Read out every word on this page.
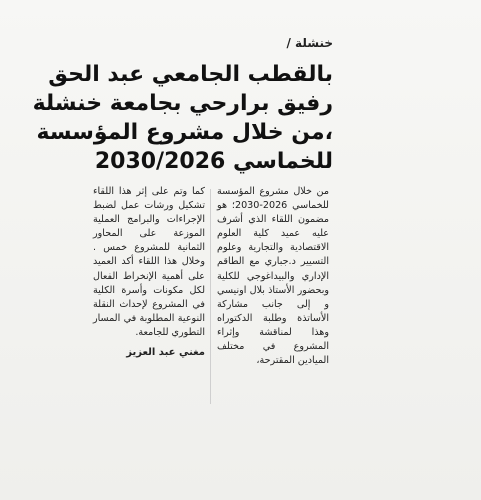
خنشلة /
بالقطب الجامعي عبد الحق
رفيق برارحي بجامعة خنشلة
،من خلال مشروع المؤسسة
للخماسي 2030/2026

من خلال مشروع المؤسسة للخماسي 2026-2030؛ هو مضمون اللقاء الذي أشرف عليه عميد كلية العلوم الاقتصادية والتجارية وعلوم التسيير د.جباري مع الطاقم الإداري والبيداغوجي للكلية وبحضور الأستاذ بلال اونيسي و إلى جانب مشاركة الأساتذة وطلبة الدكتوراه وهذا لمناقشة وإثراء المشروع في مختلف الميادين المقترحة،

كما وتم على إثر هذا اللقاء تشكيل ورشات عمل لضبط الإجراءات والبرامج العملية الموزعة على المحاور الثمانية للمشروع خمس . وخلال هذا اللقاء أكد العميد على أهمية الإنخراط الفعال لكل مكونات وأسرة الكلية في المشروع لإحداث النقلة النوعية المطلوبة في المسار التطوري للجامعة.

مغني عبد العزيز
